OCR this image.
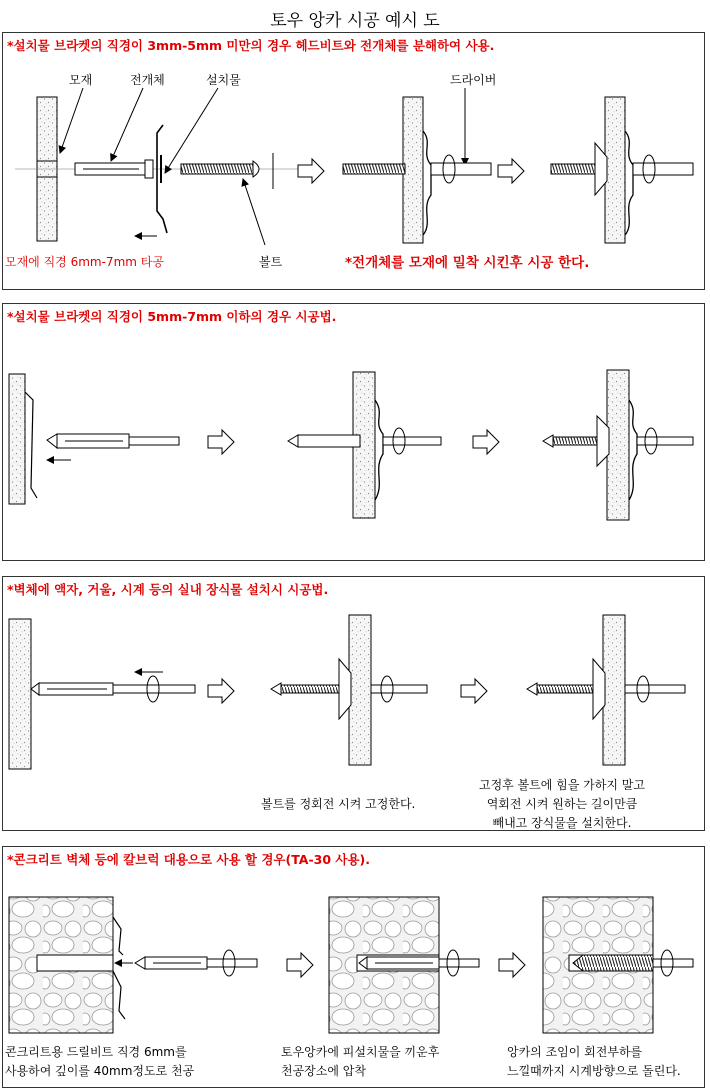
토우 앙카 시공 예시 도
*설치물 브라켓의 직경이 3mm-5mm 미만의 경우 헤드비트와 전개체를 분해하여 사용.
모재	전개체	설치물	드라이버
볼트
모재에 직경 6mm-7mm 타공	*전개체를 모재에 밀착 시킨후 시공 한다.
*설치물 브라켓의 직경이 5mm-7mm 이하의 경우 시공법.
*벽체에 액자, 거울, 시계 등의 실내 장식물 설치시 시공법.
볼트를 정회전 시켜 고정한다.
고정후 볼트에 힘을 가하지 말고
역회전 시켜 원하는 길이만큼
빼내고 장식물을 설치한다.
*콘크리트 벽체 등에 칼브럭 대용으로 사용 할 경우(TA-30 사용).
콘크리트용 드릴비트 직경 6mm를
사용하여 깊이를 40mm정도로 천공
토우앙카에 피설치물을 끼운후
천공장소에 압착
앙카의 조임이 회전부하를
느낄때까지 시계방향으로 돌린다.
